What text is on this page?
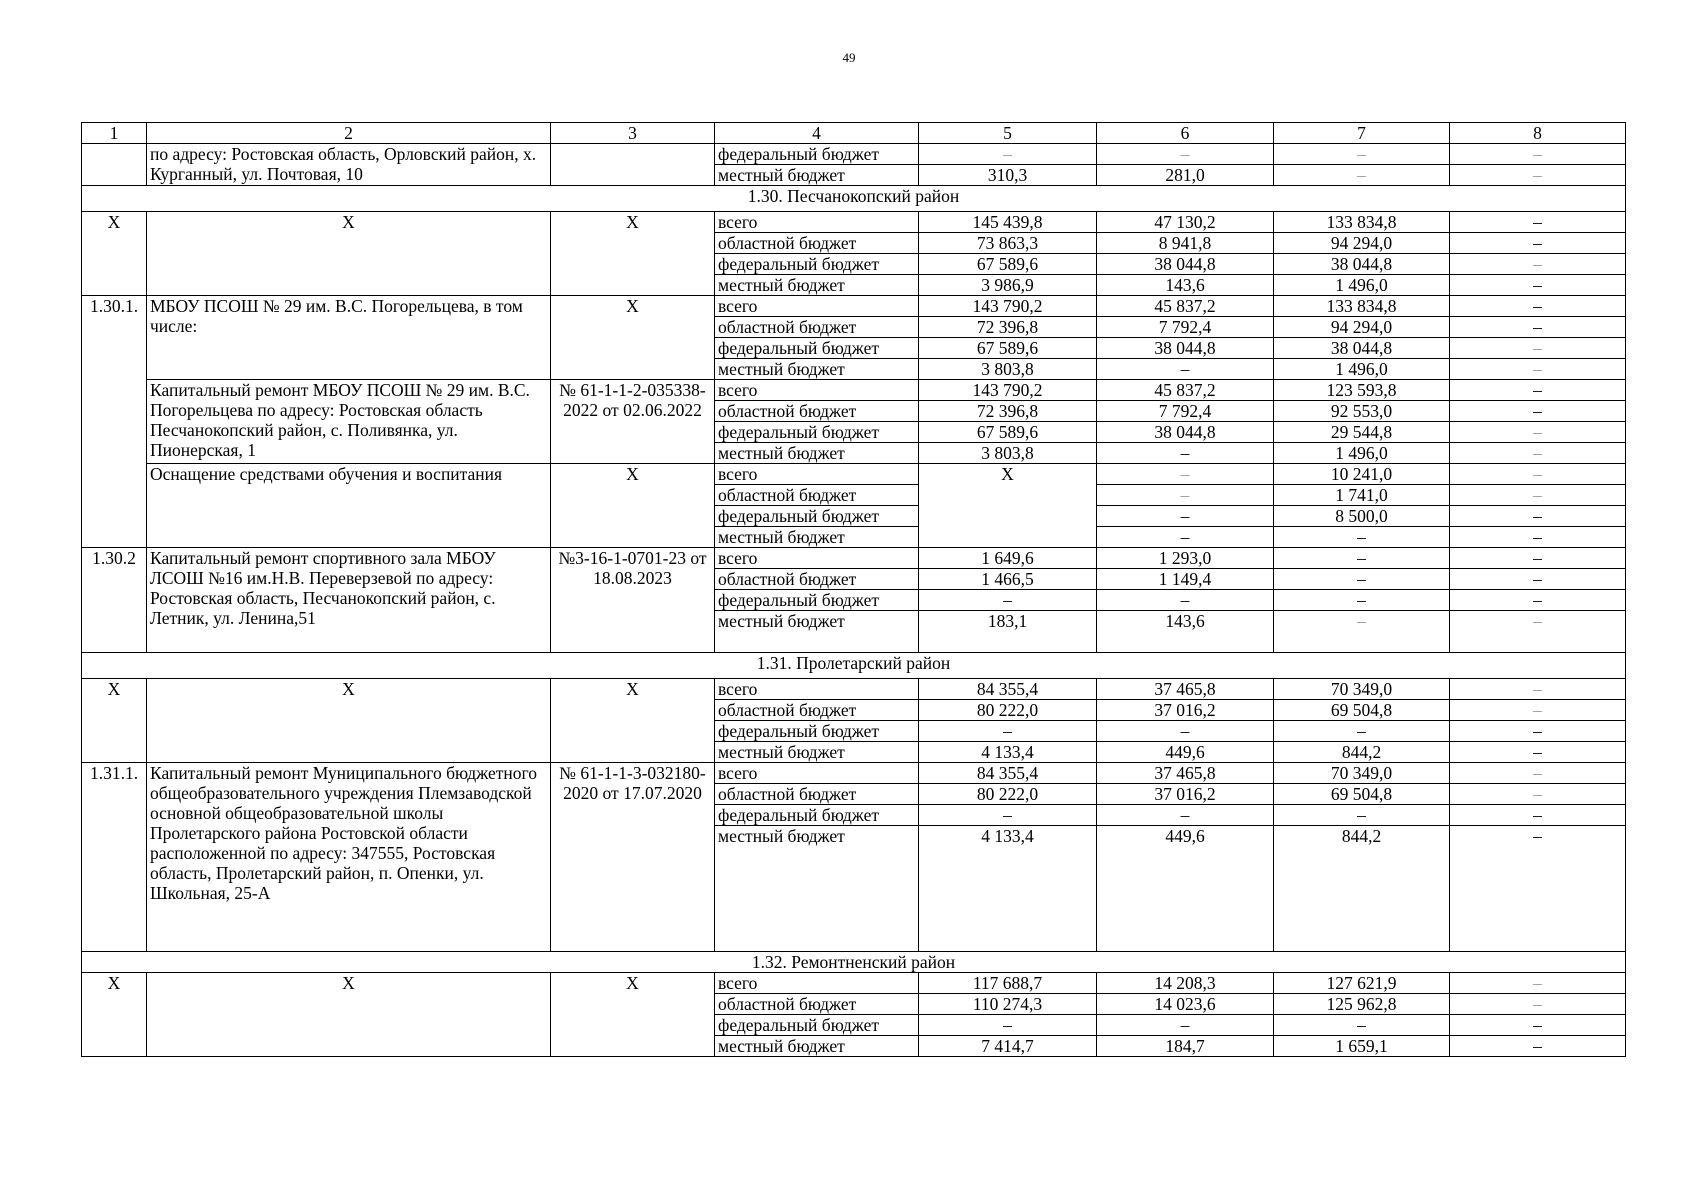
49
1	2	3	4	5	6	7	8
	по адресу: Ростовская область, Орловский район, х. Курганный, ул. Почтовая, 10		федеральный бюджет	–	–	–	–
			местный бюджет	310,3	281,0	–	–
1.30. Песчанокопский район							
Х	Х	Х	всего	145 439,8	47 130,2	133 834,8	–
			областной бюджет	73 863,3	8 941,8	94 294,0	–
			федеральный бюджет	67 589,6	38 044,8	38 044,8	–
			местный бюджет	3 986,9	143,6	1 496,0	–
1.30.1.	МБОУ ПСОШ № 29 им. В.С. Погорельцева, в том числе:	Х	всего	143 790,2	45 837,2	133 834,8	–
			областной бюджет	72 396,8	7 792,4	94 294,0	–
			федеральный бюджет	67 589,6	38 044,8	38 044,8	–
			местный бюджет	3 803,8	–	1 496,0	–
	Капитальный ремонт МБОУ ПСОШ № 29 им. В.С. Погорельцева по адресу: Ростовская область Песчанокопский район, с. Поливянка, ул. Пионерская, 1	№ 61-1-1-2-035338-2022 от 02.06.2022	всего	143 790,2	45 837,2	123 593,8	–
			областной бюджет	72 396,8	7 792,4	92 553,0	–
			федеральный бюджет	67 589,6	38 044,8	29 544,8	–
			местный бюджет	3 803,8	–	1 496,0	–
	Оснащение средствами обучения и воспитания	Х	всего	Х	–	10 241,0	–
			областной бюджет		–	1 741,0	–
			федеральный бюджет		–	8 500,0	–
			местный бюджет		–	–	–
1.30.2	Капитальный ремонт спортивного зала МБОУ ЛСОШ №16 им.Н.В. Переверзевой по адресу: Ростовская область, Песчанокопский район, с. Летник, ул. Ленина,51	№3-16-1-0701-23 от 18.08.2023	всего	1 649,6	1 293,0	–	–
			областной бюджет	1 466,5	1 149,4	–	–
			федеральный бюджет	–	–	–	–
			местный бюджет	183,1	143,6	–	–
1.31. Пролетарский район							
Х	Х	Х	всего	84 355,4	37 465,8	70 349,0	–
			областной бюджет	80 222,0	37 016,2	69 504,8	–
			федеральный бюджет	–	–	–	–
			местный бюджет	4 133,4	449,6	844,2	–
1.31.1.	Капитальный ремонт Муниципального бюджетного общеобразовательного учреждения Племзаводской основной общеобразовательной школы Пролетарского района Ростовской области расположенной по адресу: 347555, Ростовская область, Пролетарский район, п. Опенки, ул. Школьная, 25-А	№ 61-1-1-3-032180-2020 от 17.07.2020	всего	84 355,4	37 465,8	70 349,0	–
			областной бюджет	80 222,0	37 016,2	69 504,8	–
			федеральный бюджет	–	–	–	–
			местный бюджет	4 133,4	449,6	844,2	–
1.32. Ремонтненский район							
Х	Х	Х	всего	117 688,7	14 208,3	127 621,9	–
			областной бюджет	110 274,3	14 023,6	125 962,8	–
			федеральный бюджет	–	–	–	–
			местный бюджет	7 414,7	184,7	1 659,1	–
